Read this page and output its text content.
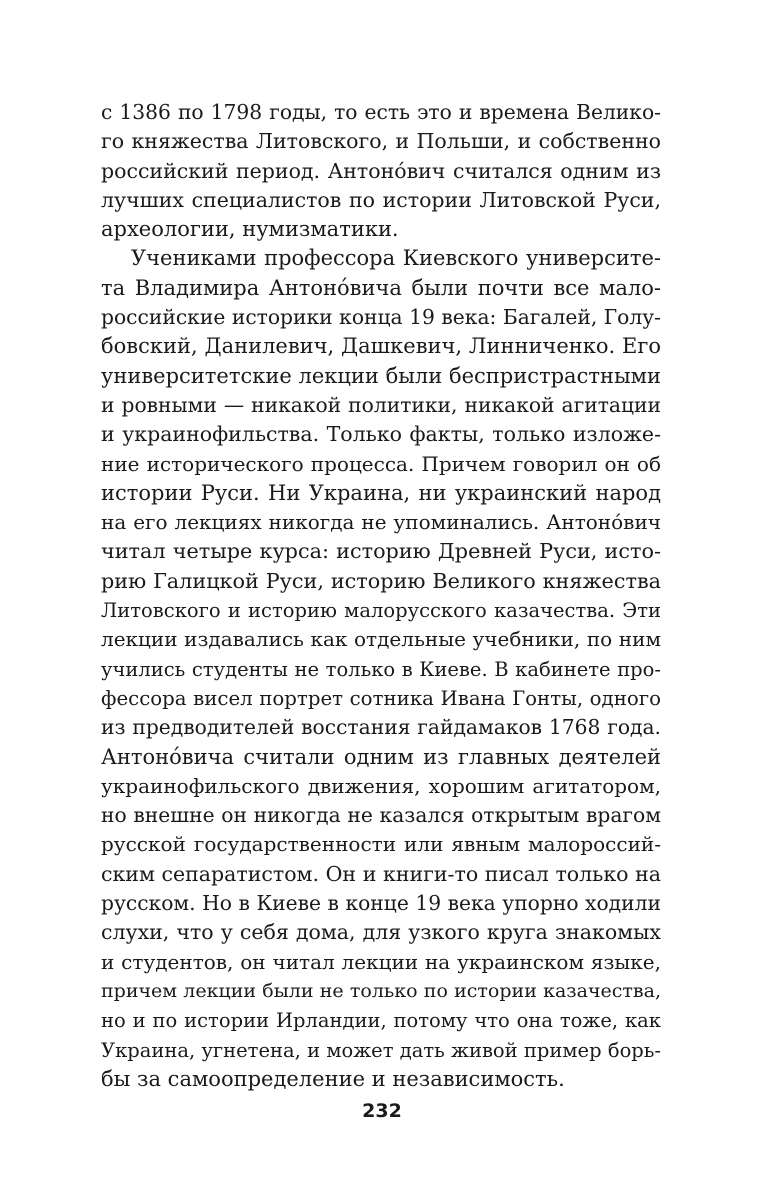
с 1386 по 1798 годы, то есть это и времена Велико-
го княжества Литовского, и Польши, и собственно
российский период. Антоно́вич считался одним из
лучших специалистов по истории Литовской Руси,
археологии, нумизматики.
Учениками профессора Киевского университе-
та Владимира Антоно́вича были почти все мало-
российские историки конца 19 века: Багалей, Голу-
бовский, Данилевич, Дашкевич, Линниченко. Его
университетские лекции были беспристрастными
и ровными — никакой политики, никакой агитации
и украинофильства. Только факты, только изложе-
ние исторического процесса. Причем говорил он об
истории Руси. Ни Украина, ни украинский народ
на его лекциях никогда не упоминались. Антоно́вич
читал четыре курса: историю Древней Руси, исто-
рию Галицкой Руси, историю Великого княжества
Литовского и историю малорусского казачества. Эти
лекции издавались как отдельные учебники, по ним
учились студенты не только в Киеве. В кабинете про-
фессора висел портрет сотника Ивана Гонты, одного
из предводителей восстания гайдамаков 1768 года.
Антоно́вича считали одним из главных деятелей
украинофильского движения, хорошим агитатором,
но внешне он никогда не казался открытым врагом
русской государственности или явным малороссий-
ским сепаратистом. Он и книги-то писал только на
русском. Но в Киеве в конце 19 века упорно ходили
слухи, что у себя дома, для узкого круга знакомых
и студентов, он читал лекции на украинском языке,
причем лекции были не только по истории казачества,
но и по истории Ирландии, потому что она тоже, как
Украина, угнетена, и может дать живой пример борь-
бы за самоопределение и независимость.
232
